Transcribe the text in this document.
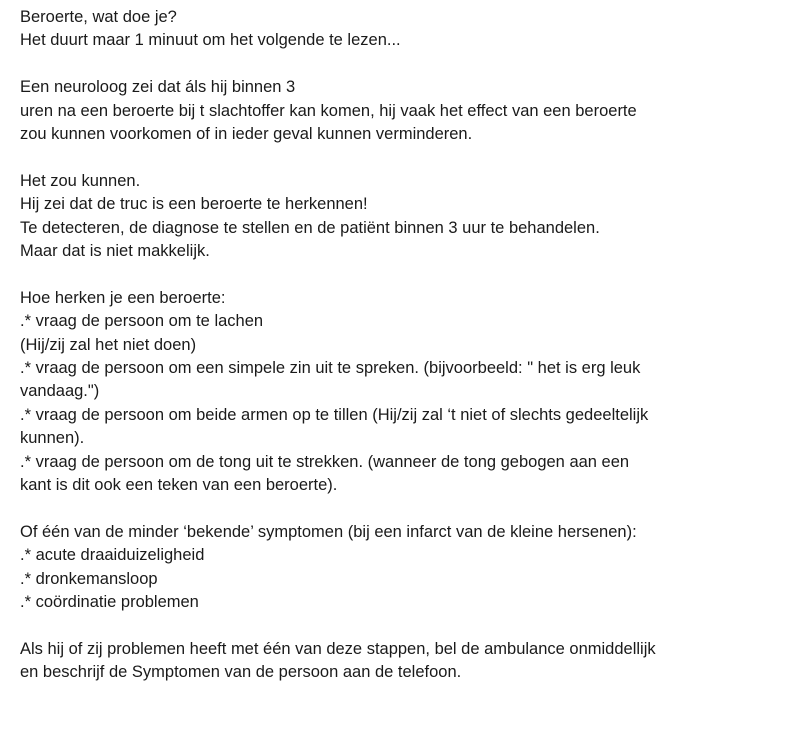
Beroerte, wat doe je?
Het duurt maar 1 minuut om het volgende te lezen...

Een neuroloog zei dat áls hij binnen 3
uren na een beroerte bij t slachtoffer kan komen, hij vaak het effect van een beroerte
zou kunnen voorkomen of in ieder geval kunnen verminderen.

Het zou kunnen.
Hij zei dat de truc is een beroerte te herkennen!
Te detecteren, de diagnose te stellen en de patiënt binnen 3 uur te behandelen.
Maar dat is niet makkelijk.

Hoe herken je een beroerte:
.* vraag de persoon om te lachen
(Hij/zij zal het niet doen)
.* vraag de persoon om een simpele zin uit te spreken. (bijvoorbeeld: " het is erg leuk
vandaag.")
.* vraag de persoon om beide armen op te tillen (Hij/zij zal ‘t niet of slechts gedeeltelijk
kunnen).
.* vraag de persoon om de tong uit te strekken. (wanneer de tong gebogen aan een
kant is dit ook een teken van een beroerte).

Of één van de minder ‘bekende’ symptomen (bij een infarct van de kleine hersenen):
.* acute draaiduizeligheid
.* dronkemansloop
.* coördinatie problemen

Als hij of zij problemen heeft met één van deze stappen, bel de ambulance onmiddellijk
en beschrijf de Symptomen van de persoon aan de telefoon.
